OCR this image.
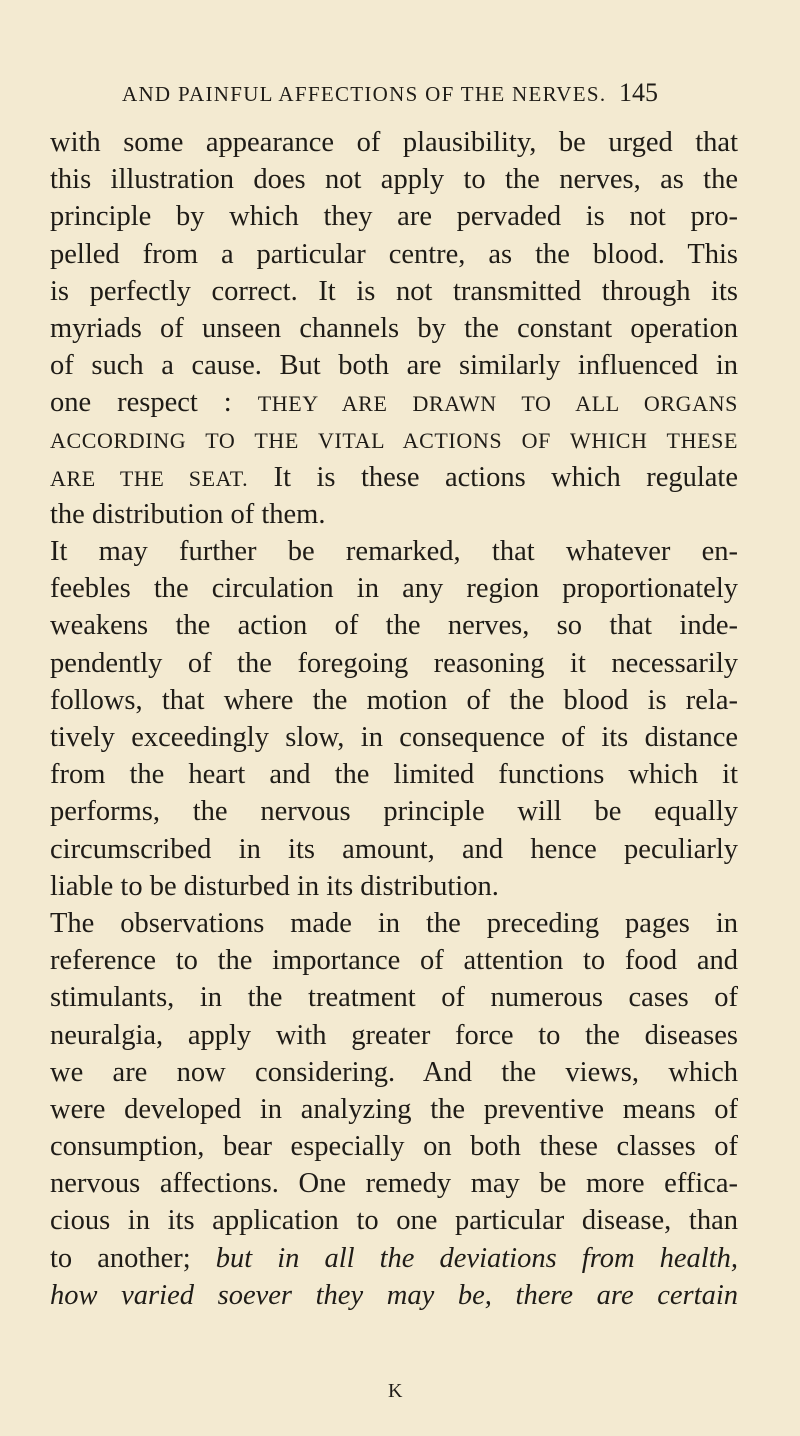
AND PAINFUL AFFECTIONS OF THE NERVES. 145
with some appearance of plausibility, be urged that
this illustration does not apply to the nerves, as the
principle by which they are pervaded is not pro-
pelled from a particular centre, as the blood. This
is perfectly correct. It is not transmitted through its
myriads of unseen channels by the constant operation
of such a cause. But both are similarly influenced in
one respect : THEY ARE DRAWN TO ALL ORGANS
ACCORDING TO THE VITAL ACTIONS OF WHICH THESE
ARE THE SEAT. It is these actions which regulate
the distribution of them.
It may further be remarked, that whatever en-
feebles the circulation in any region proportionately
weakens the action of the nerves, so that inde-
pendently of the foregoing reasoning it necessarily
follows, that where the motion of the blood is rela-
tively exceedingly slow, in consequence of its distance
from the heart and the limited functions which it
performs, the nervous principle will be equally
circumscribed in its amount, and hence peculiarly
liable to be disturbed in its distribution.
The observations made in the preceding pages in
reference to the importance of attention to food and
stimulants, in the treatment of numerous cases of
neuralgia, apply with greater force to the diseases
we are now considering. And the views, which
were developed in analyzing the preventive means of
consumption, bear especially on both these classes of
nervous affections. One remedy may be more effica-
cious in its application to one particular disease, than
to another; but in all the deviations from health,
how varied soever they may be, there are certain
K
